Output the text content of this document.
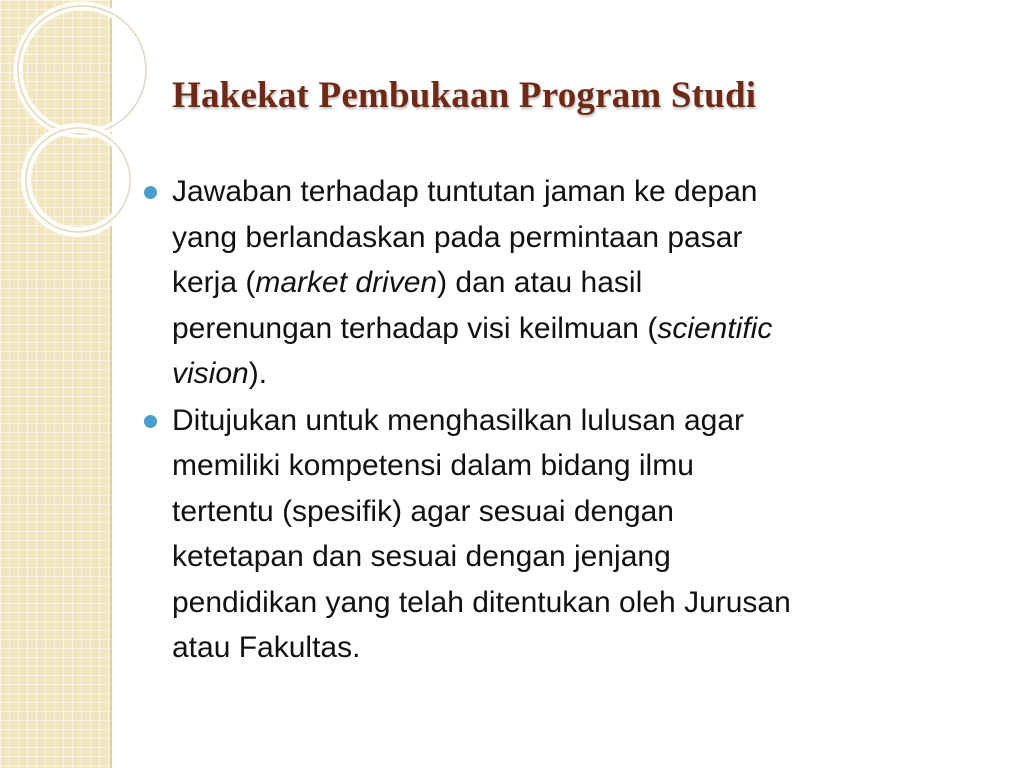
Hakekat Pembukaan Program Studi
Jawaban terhadap tuntutan jaman ke depan
yang berlandaskan pada permintaan pasar
kerja (market driven) dan atau hasil
perenungan terhadap visi keilmuan (scientific
vision).
Ditujukan untuk menghasilkan lulusan agar
memiliki kompetensi dalam bidang ilmu
tertentu (spesifik) agar sesuai dengan
ketetapan dan sesuai dengan jenjang
pendidikan yang telah ditentukan oleh Jurusan
atau Fakultas.
